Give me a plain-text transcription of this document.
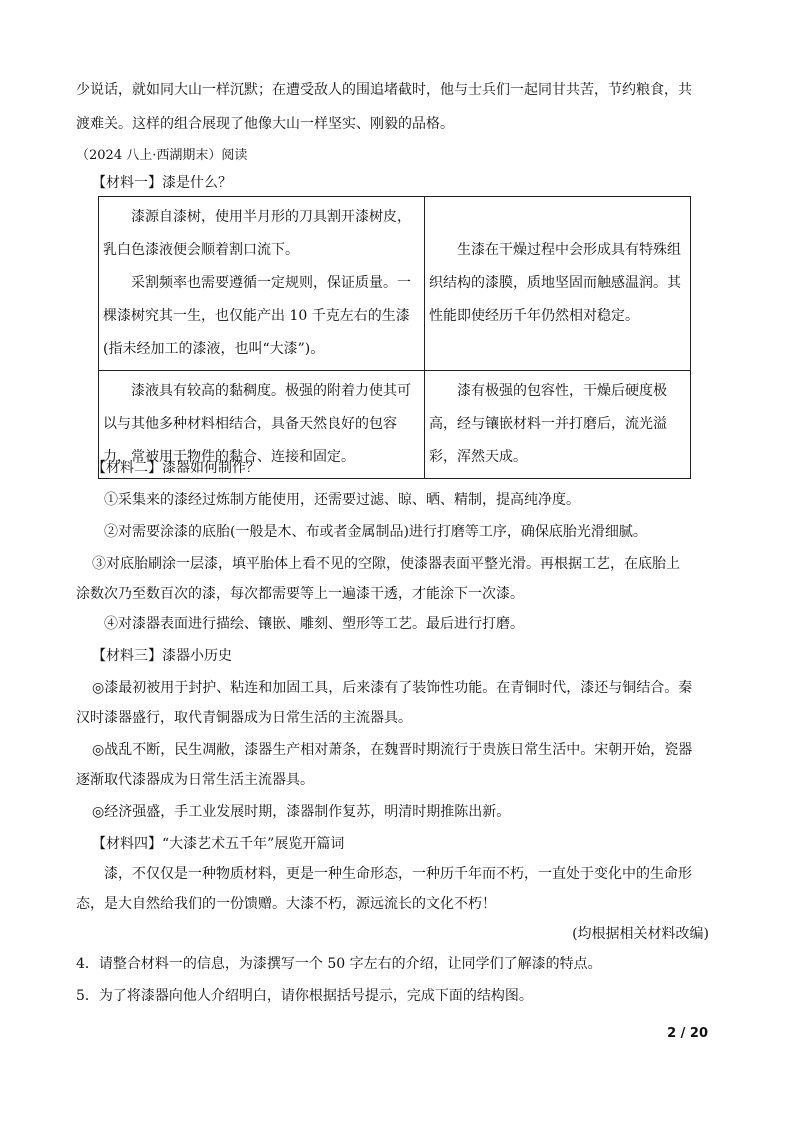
少说话，就如同大山一样沉默；在遭受敌人的围追堵截时，他与士兵们一起同甘共苦，节约粮食，共
渡难关。这样的组合展现了他像大山一样坚实、刚毅的品格。
（2024 八上·西湖期末）阅读
【材料一】漆是什么？

漆源自漆树，使用半月形的刀具割开漆树皮，乳白色漆液便会顺着割口流下。

采割频率也需要遵循一定规则，保证质量。一棵漆树究其一生，也仅能产出 10 千克左右的生漆(指未经加工的漆液，也叫“大漆”)。	生漆在干燥过程中会形成具有特殊组织结构的漆膜，质地坚固而触感温润。其性能即使经历千年仍然相对稳定。

漆液具有较高的黏稠度。极强的附着力使其可以与其他多种材料相结合，具备天然良好的包容力，常被用于物件的黏合、连接和固定。	漆有极强的包容性，干燥后硬度极高，经与镶嵌材料一并打磨后，流光溢彩，浑然天成。

【材料二】漆器如何制作？
①采集来的漆经过炼制方能使用，还需要过滤、晾、晒、精制，提高纯净度。
②对需要涂漆的底胎(一般是木、布或者金属制品)进行打磨等工序，确保底胎光滑细腻。
③对底胎刷涂一层漆，填平胎体上看不见的空隙，使漆器表面平整光滑。再根据工艺，在底胎上
涂数次乃至数百次的漆，每次都需要等上一遍漆干透，才能涂下一次漆。
④对漆器表面进行描绘、镶嵌、雕刻、塑形等工艺。最后进行打磨。
【材料三】漆器小历史
◎漆最初被用于封护、粘连和加固工具，后来漆有了装饰性功能。在青铜时代，漆还与铜结合。秦
汉时漆器盛行，取代青铜器成为日常生活的主流器具。
◎战乱不断，民生凋敝，漆器生产相对萧条，在魏晋时期流行于贵族日常生活中。宋朝开始，瓷器
逐渐取代漆器成为日常生活主流器具。
◎经济强盛，手工业发展时期，漆器制作复苏，明清时期推陈出新。
【材料四】“大漆艺术五千年”展览开篇词
漆，不仅仅是一种物质材料，更是一种生命形态，一种历千年而不朽，一直处于变化中的生命形
态，是大自然给我们的一份馈赠。大漆不朽，源远流长的文化不朽！
(均根据相关材料改编)
4．请整合材料一的信息，为漆撰写一个 50 字左右的介绍，让同学们了解漆的特点。
5．为了将漆器向他人介绍明白，请你根据括号提示，完成下面的结构图。
2 / 20
